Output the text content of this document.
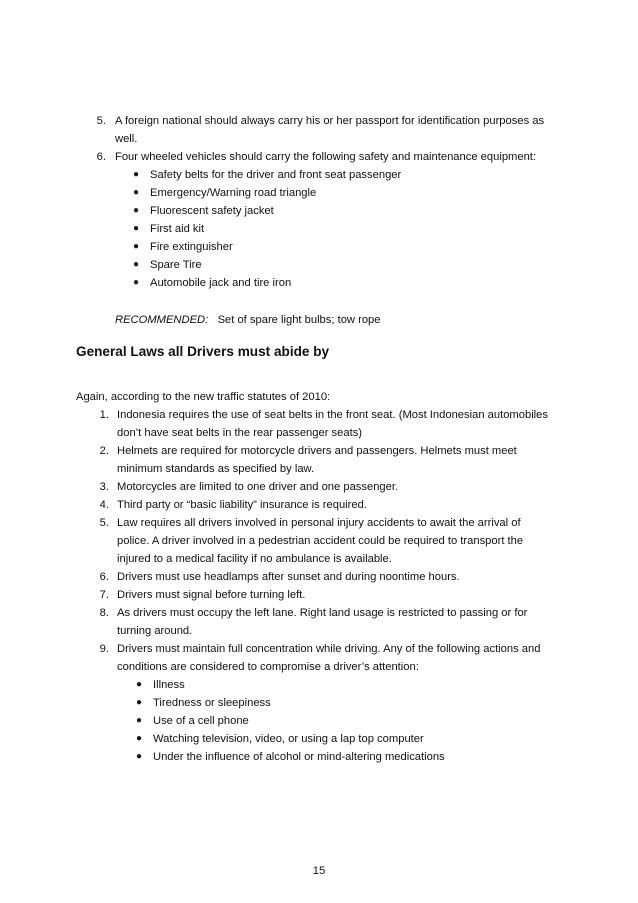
5. A foreign national should always carry his or her passport for identification purposes as
well.
6. Four wheeled vehicles should carry the following safety and maintenance equipment:
● Safety belts for the driver and front seat passenger
● Emergency/Warning road triangle
● Fluorescent safety jacket
● First aid kit
● Fire extinguisher
● Spare Tire
● Automobile jack and tire iron
RECOMMENDED: Set of spare light bulbs; tow rope
General Laws all Drivers must abide by
Again, according to the new traffic statutes of 2010:
1. Indonesia requires the use of seat belts in the front seat. (Most Indonesian automobiles
don’t have seat belts in the rear passenger seats)
2. Helmets are required for motorcycle drivers and passengers. Helmets must meet
minimum standards as specified by law.
3. Motorcycles are limited to one driver and one passenger.
4. Third party or “basic liability” insurance is required.
5. Law requires all drivers involved in personal injury accidents to await the arrival of
police. A driver involved in a pedestrian accident could be required to transport the
injured to a medical facility if no ambulance is available.
6. Drivers must use headlamps after sunset and during noontime hours.
7. Drivers must signal before turning left.
8. As drivers must occupy the left lane. Right land usage is restricted to passing or for
turning around.
9. Drivers must maintain full concentration while driving. Any of the following actions and
conditions are considered to compromise a driver’s attention:
● Illness
● Tiredness or sleepiness
● Use of a cell phone
● Watching television, video, or using a lap top computer
● Under the influence of alcohol or mind-altering medications
15
